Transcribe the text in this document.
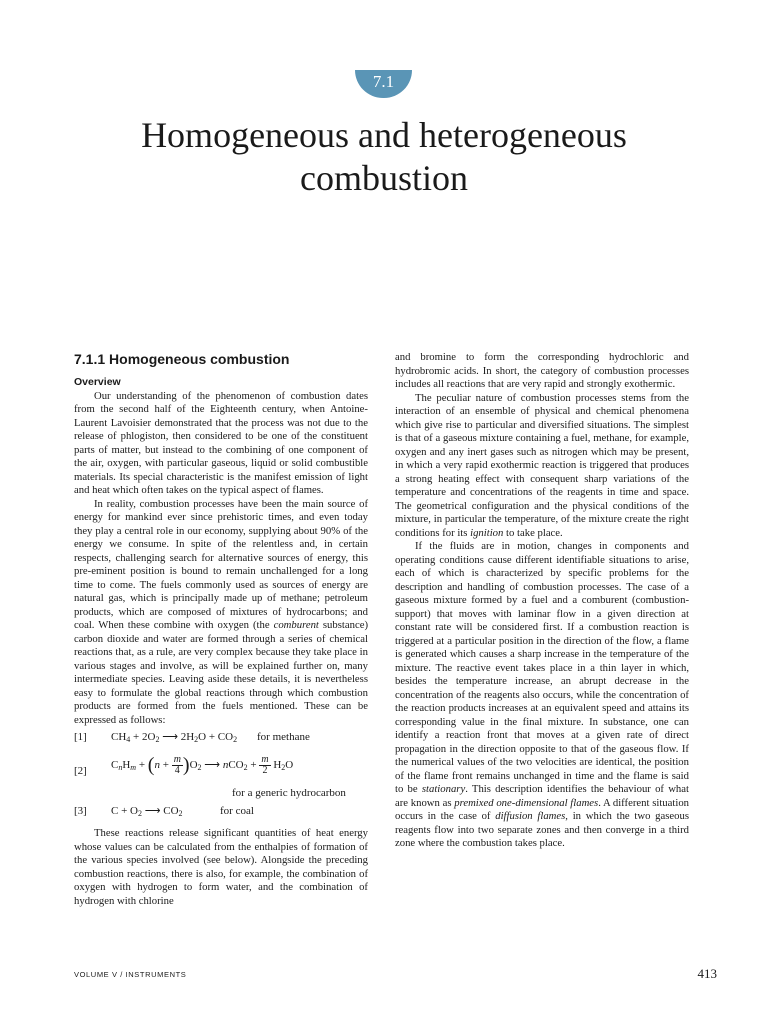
7.1
Homogeneous and heterogeneous
combustion
7.1.1 Homogeneous combustion
Overview

Our understanding of the phenomenon of combustion dates from the second half of the Eighteenth century, when Antoine-Laurent Lavoisier demonstrated that the process was not due to the release of phlogiston, then considered to be one of the constituent parts of matter, but instead to the combining of one component of the air, oxygen, with particular gaseous, liquid or solid combustible materials. Its special characteristic is the manifest emission of light and heat which often takes on the typical aspect of flames.

In reality, combustion processes have been the main source of energy for mankind ever since prehistoric times, and even today they play a central role in our economy, supplying about 90% of the energy we consume. In spite of the relentless and, in certain respects, challenging search for alternative sources of energy, this pre-eminent position is bound to remain unchallenged for a long time to come. The fuels commonly used as sources of energy are natural gas, which is principally made up of methane; petroleum products, which are composed of mixtures of hydrocarbons; and coal. When these combine with oxygen (the comburent substance) carbon dioxide and water are formed through a series of chemical reactions that, as a rule, are very complex because they take place in various stages and involve, as will be explained further on, many intermediate species. Leaving aside these details, it is nevertheless easy to formulate the global reactions through which combustion products are formed from the fuels mentioned. These can be expressed as follows:

[1] $CH_4 + 2O_2$ ⟶ $2H_2O + CO_2$ for methane
[2] $C_nH_m + (n + \frac{m}{4} )O_2$ ⟶ $nCO_2 + \frac{m}{2} H_2O$
for a generic hydrocarbon
[3] $C + O_2$ ⟶ $CO_2$	for coal

These reactions release significant quantities of heat energy whose values can be calculated from the enthalpies of formation of the various species involved (see below). Alongside the preceding combustion reactions, there is also, for example, the combination of oxygen with hydrogen to form water, and the combination of hydrogen with chlorine

and bromine to form the corresponding hydrochloric and hydrobromic acids. In short, the category of combustion processes includes all reactions that are very rapid and strongly exothermic.

The peculiar nature of combustion processes stems from the interaction of an ensemble of physical and chemical phenomena which give rise to particular and diversified situations. The simplest is that of a gaseous mixture containing a fuel, methane, for example, oxygen and any inert gases such as nitrogen which may be present, in which a very rapid exothermic reaction is triggered that produces a strong heating effect with consequent sharp variations of the temperature and concentrations of the reagents in time and space. The geometrical configuration and the physical conditions of the mixture, in particular the temperature, of the mixture create the right conditions for its ignition to take place.

If the fluids are in motion, changes in components and operating conditions cause different identifiable situations to arise, each of which is characterized by specific problems for the description and handling of combustion processes. The case of a gaseous mixture formed by a fuel and a comburent (combustion-support) that moves with laminar flow in a given direction at constant rate will be considered first. If a combustion reaction is triggered at a particular position in the direction of the flow, a flame is generated which causes a sharp increase in the temperature of the mixture. The reactive event takes place in a thin layer in which, besides the temperature increase, an abrupt decrease in the concentration of the reagents also occurs, while the concentration of the reaction products increases at an equivalent speed and attains its corresponding value in the final mixture. In substance, one can identify a reaction front that moves at a given rate of direct propagation in the direction opposite to that of the gaseous flow. If the numerical values of the two velocities are identical, the position of the flame front remains unchanged in time and the flame is said to be stationary. This description identifies the behaviour of what are known as premixed one-dimensional flames. A different situation occurs in the case of diffusion flames, in which the two gaseous reagents flow into two separate zones and then converge in a third zone where the combustion takes place.

VOLUME V / INSTRUMENTS	413
